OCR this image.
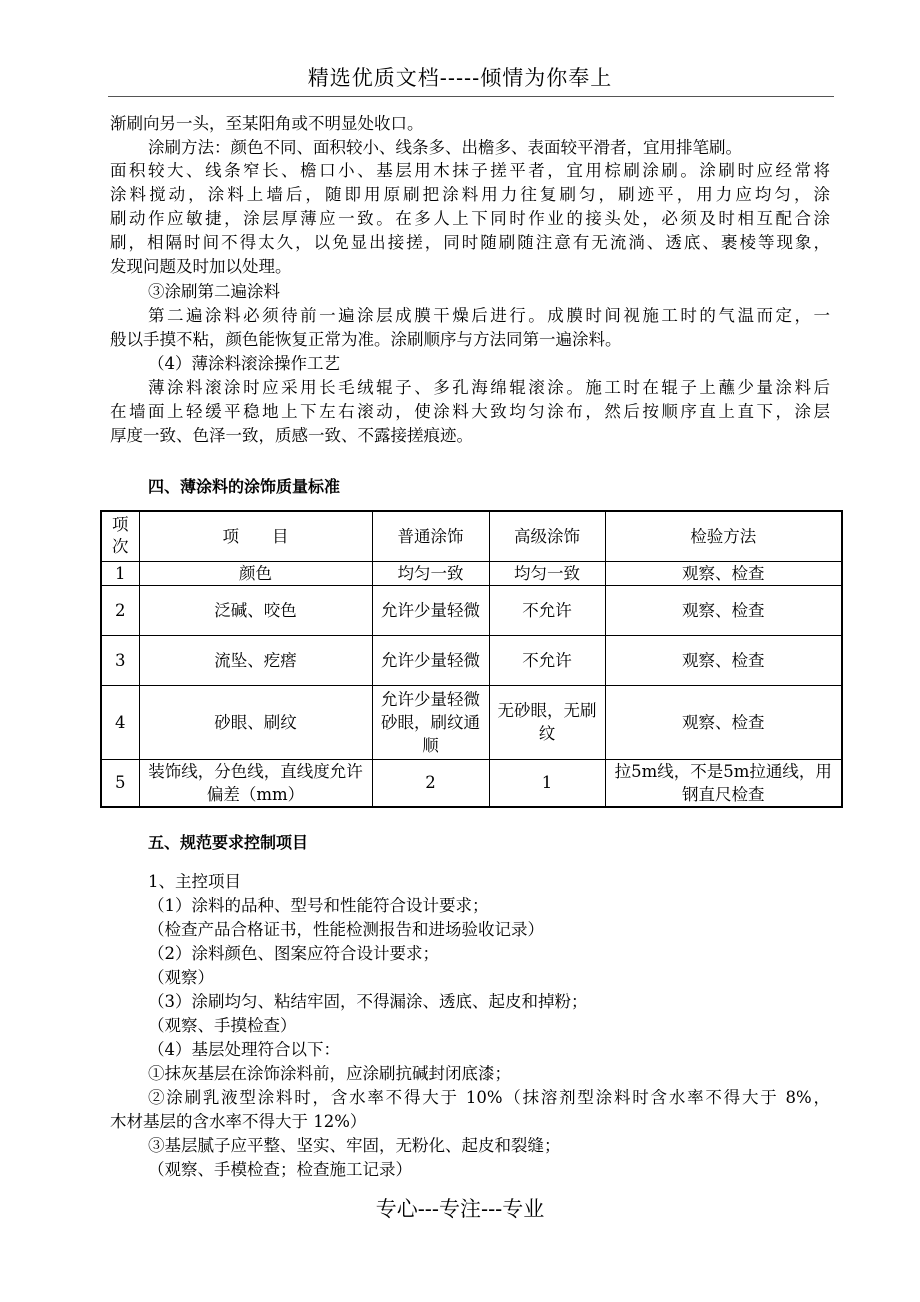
精选优质文档-----倾情为你奉上
渐刷向另一头，至某阳角或不明显处收口。
涂刷方法：颜色不同、面积较小、线条多、出檐多、表面较平滑者，宜用排笔刷。
面积较大、线条窄长、檐口小、基层用木抹子搓平者，宜用棕刷涂刷。涂刷时应经常将
涂料搅动，涂料上墙后，随即用原刷把涂料用力往复刷匀，刷迹平，用力应均匀，涂
刷动作应敏捷，涂层厚薄应一致。在多人上下同时作业的接头处，必须及时相互配合涂
刷，相隔时间不得太久，以免显出接搓，同时随刷随注意有无流淌、透底、裹棱等现象，
发现问题及时加以处理。
③涂刷第二遍涂料
第二遍涂料必须待前一遍涂层成膜干燥后进行。成膜时间视施工时的气温而定，一
般以手摸不粘，颜色能恢复正常为准。涂刷顺序与方法同第一遍涂料。
（4）薄涂料滚涂操作工艺
薄涂料滚涂时应采用长毛绒辊子、多孔海绵辊滚涂。施工时在辊子上蘸少量涂料后
在墙面上轻缓平稳地上下左右滚动，使涂料大致均匀涂布，然后按顺序直上直下，涂层
厚度一致、色泽一致，质感一致、不露接搓痕迹。
四、薄涂料的涂饰质量标准
项次	项　　目	普通涂饰	高级涂饰	检验方法
1	颜色	均匀一致	均匀一致	观察、检查
2	泛碱、咬色	允许少量轻微	不允许	观察、检查
3	流坠、疙瘩	允许少量轻微	不允许	观察、检查
4	砂眼、刷纹	允许少量轻微砂眼，刷纹通顺	无砂眼，无刷纹	观察、检查
5	装饰线，分色线，直线度允许偏差（mm）	2	1	拉5m线，不是5m拉通线，用钢直尺检查
五、规范要求控制项目
1、主控项目
（1）涂料的品种、型号和性能符合设计要求；
（检查产品合格证书，性能检测报告和进场验收记录）
（2）涂料颜色、图案应符合设计要求；
（观察）
（3）涂刷均匀、粘结牢固，不得漏涂、透底、起皮和掉粉；
（观察、手摸检查）
（4）基层处理符合以下：
①抹灰基层在涂饰涂料前，应涂刷抗碱封闭底漆；
②涂刷乳液型涂料时，含水率不得大于 10%（抹溶剂型涂料时含水率不得大于 8%，
木材基层的含水率不得大于 12%）
③基层腻子应平整、坚实、牢固，无粉化、起皮和裂缝；
（观察、手模检查；检查施工记录）
专心---专注---专业
